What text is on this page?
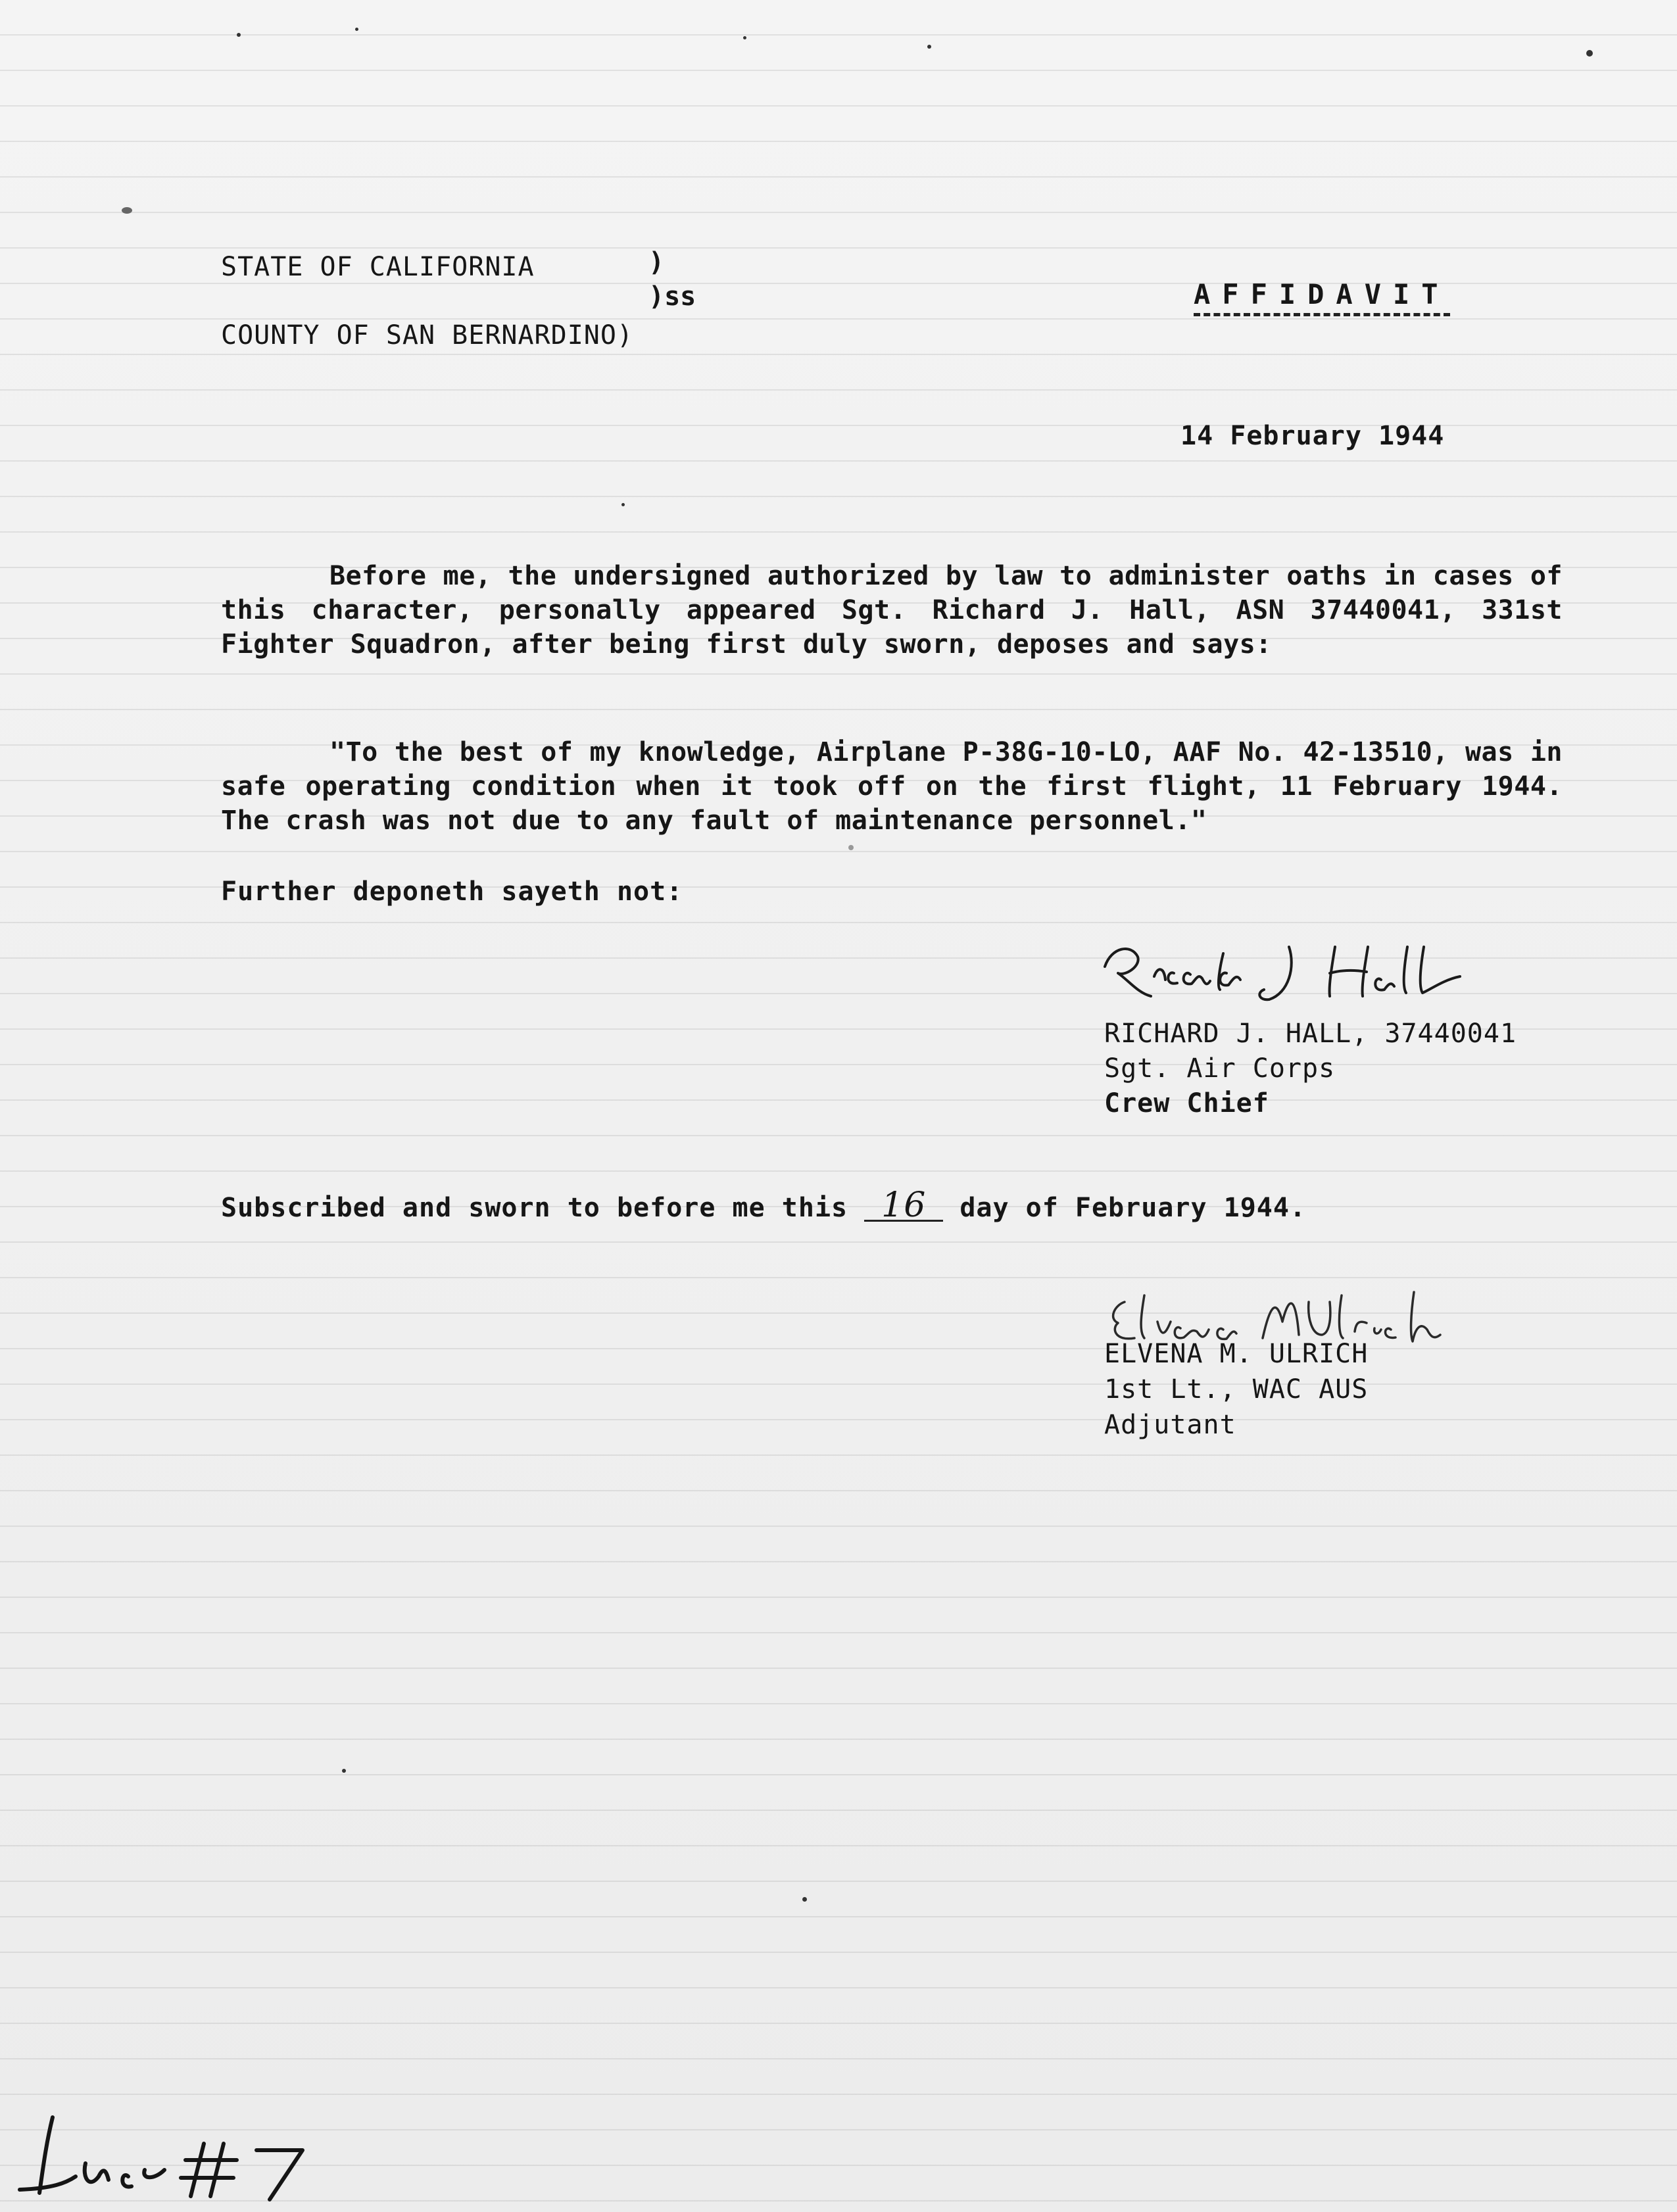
STATE OF CALIFORNIA
COUNTY OF SAN BERNARDINO)
)
)ss	AFFIDAVIT
14 February 1944
Before me, the undersigned authorized by law to administer oaths in cases of this character, personally appeared Sgt. Richard J. Hall, ASN 37440041, 331st Fighter Squadron, after being first duly sworn, deposes and says:
"To the best of my knowledge, Airplane P-38G-10-LO, AAF No. 42-13510, was in safe operating condition when it took off on the first flight, 11 February 1944. The crash was not due to any fault of maintenance personnel."
Further deponeth sayeth not:
RICHARD J. HALL, 37440041
Sgt. Air Corps
Crew Chief
Subscribed and sworn to before me this 16 day of February 1944.
ELVENA M. ULRICH
1st Lt., WAC AUS
Adjutant
